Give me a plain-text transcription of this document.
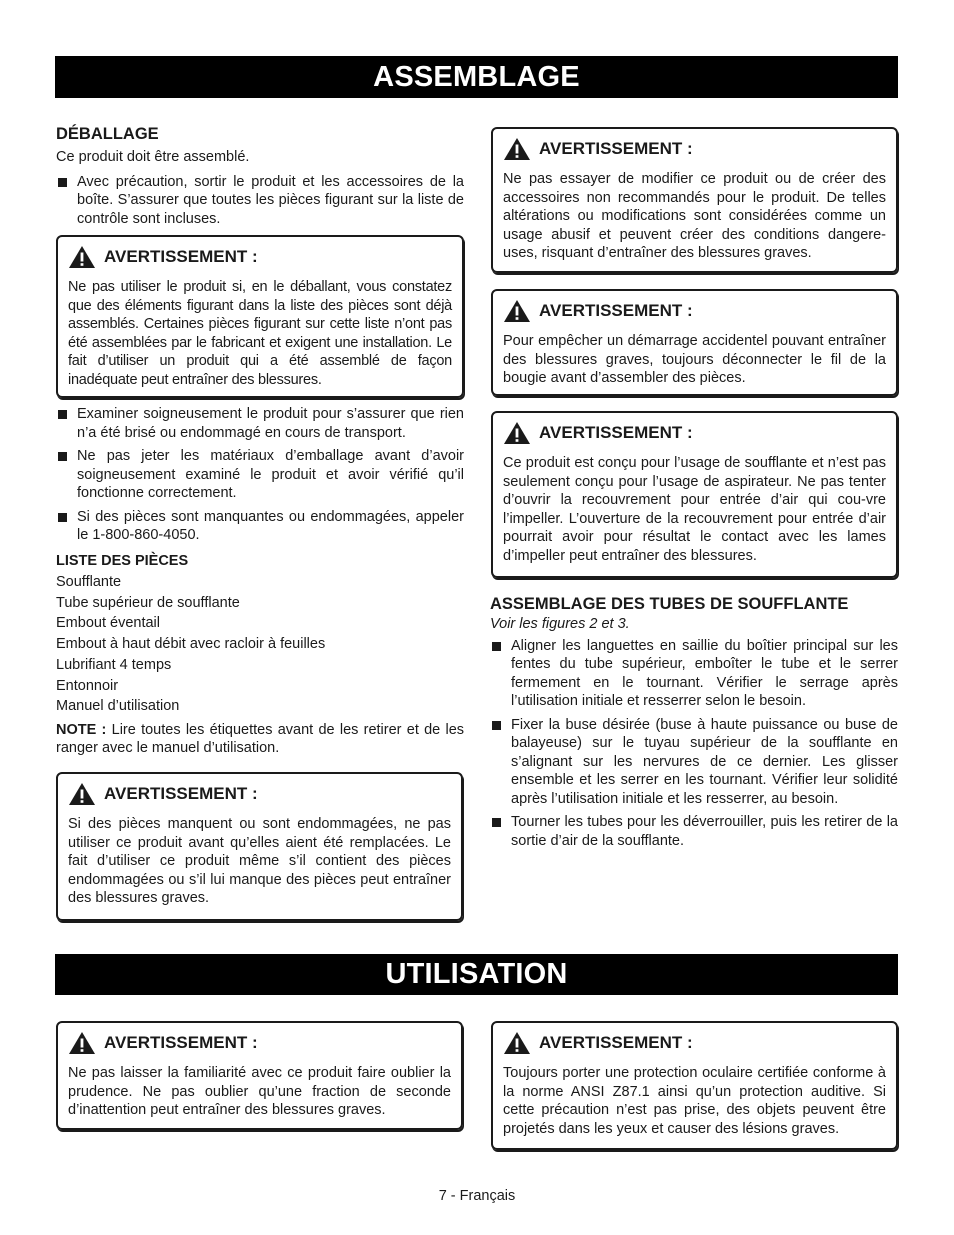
ASSEMBLAGE
DÉBALLAGE

Ce produit doit être assemblé.

Avec précaution, sortir le produit et les accessoires de la boîte. S’assurer que toutes les pièces figurant sur la liste de contrôle sont incluses.
AVERTISSEMENT :
Ne pas utiliser le produit si, en le déballant, vous constatez que des éléments figurant dans la liste des pièces sont déjà assemblés. Certaines pièces figurant sur cette liste n’ont pas été assemblées par le fabricant et exigent une installation. Le fait d’utiliser un produit qui a été assemblé de façon inadéquate peut entraîner des blessures.
Examiner soigneusement le produit pour s’assurer que rien n’a été brisé ou endommagé en cours de transport.
Ne pas jeter les matériaux d’emballage avant d’avoir soigneusement examiné le produit et avoir vérifié qu’il fonctionne correctement.
Si des pièces sont manquantes ou endommagées, appeler le 1-800-860-4050.
LISTE DES PIÈCES
Soufflante
Tube supérieur de soufflante
Embout éventail
Embout à haut débit avec racloir à feuilles
Lubrifiant 4 temps
Entonnoir
Manuel d’utilisation

NOTE : Lire toutes les étiquettes avant de les retirer et de les ranger avec le manuel d’utilisation.

AVERTISSEMENT :
Si des pièces manquent ou sont endommagées, ne pas utiliser ce produit avant qu’elles aient été remplacées. Le fait d’utiliser ce produit même s’il contient des pièces endommagées ou s’il lui manque des pièces peut entraîner des blessures graves.
AVERTISSEMENT :
Ne pas essayer de modifier ce produit ou de créer des accessoires non recommandés pour le produit. De telles altérations ou modifications sont considérées comme un usage abusif et peuvent créer des conditions dangere-uses, risquant d’entraîner des blessures graves.
AVERTISSEMENT :
Pour empêcher un démarrage accidentel pouvant entraîner des blessures graves, toujours déconnecter le fil de la bougie avant d’assembler des pièces.
AVERTISSEMENT :
Ce produit est conçu pour l’usage de soufflante et n’est pas seulement conçu pour l’usage de aspirateur. Ne pas tenter d’ouvrir la recouvrement pour entrée d’air qui cou-vre l’impeller. L’ouverture de la recouvrement pour entrée d’air pourrait avoir pour résultat le contact avec les lames d’impeller peut entraîner des blessures.
ASSEMBLAGE DES TUBES DE SOUFFLANTE

Voir les figures 2 et 3.

Aligner les languettes en saillie du boîtier principal sur les fentes du tube supérieur, emboîter le tube et le serrer fermement en le tournant. Vérifier le serrage après l’utilisation initiale et resserrer selon le besoin.
Fixer la buse désirée (buse à haute puissance ou buse de balayeuse) sur le tuyau supérieur de la soufflante en s’alignant sur les nervures de ce dernier. Les glisser ensemble et les serrer en les tournant. Vérifier leur solidité après l’utilisation initiale et les resserrer, au besoin.
Tourner les tubes pour les déverrouiller, puis les retirer de la sortie d’air de la soufflante.
UTILISATION
AVERTISSEMENT :
Ne pas laisser la familiarité avec ce produit faire oublier la prudence. Ne pas oublier qu’une fraction de seconde d’inattention peut entraîner des blessures graves.
AVERTISSEMENT :
Toujours porter une protection oculaire certifiée conforme à la norme ANSI Z87.1 ainsi qu’un protection auditive. Si cette précaution n’est pas prise, des objets peuvent être projetés dans les yeux et causer des lésions graves.
7 - Français
